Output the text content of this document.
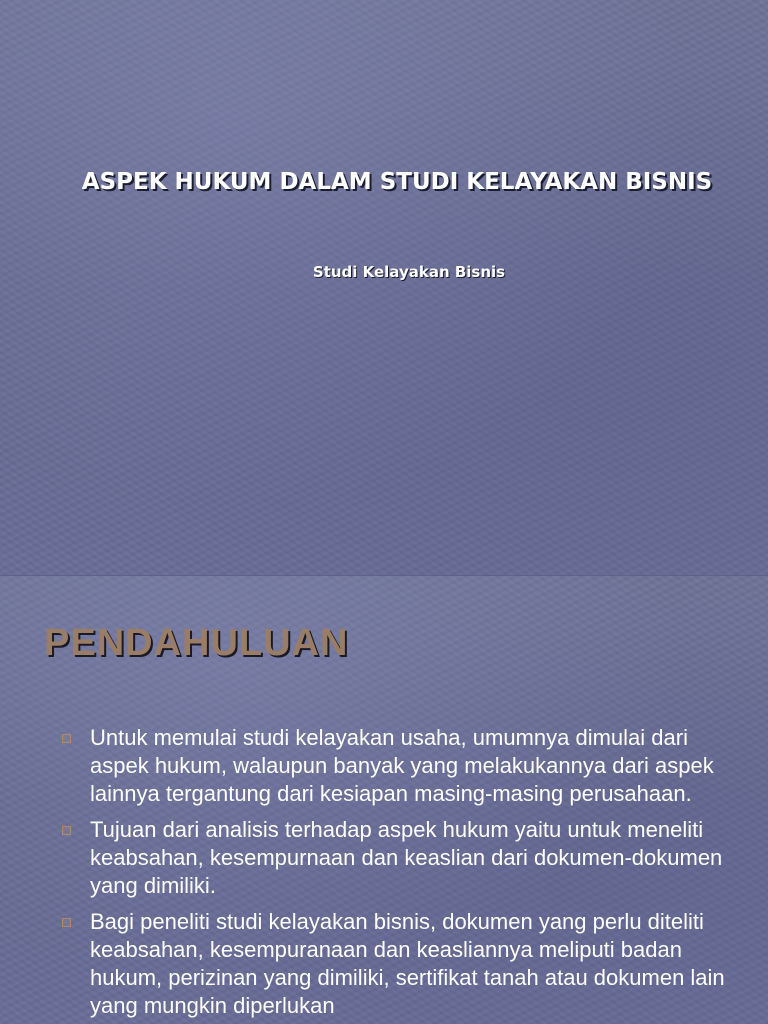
ASPEK HUKUM DALAM STUDI KELAYAKAN BISNIS

Studi Kelayakan Bisnis

PENDAHULUAN
Untuk memulai studi kelayakan usaha, umumnya dimulai dari aspek hukum, walaupun banyak yang melakukannya dari aspek lainnya tergantung dari kesiapan masing-masing perusahaan.
Tujuan dari analisis terhadap aspek hukum yaitu untuk meneliti keabsahan, kesempurnaan dan keaslian dari dokumen-dokumen yang dimiliki.
Bagi peneliti studi kelayakan bisnis, dokumen yang perlu diteliti keabsahan, kesempuranaan dan keasliannya meliputi badan hukum, perizinan yang dimiliki, sertifikat tanah atau dokumen lain yang mungkin diperlukan
